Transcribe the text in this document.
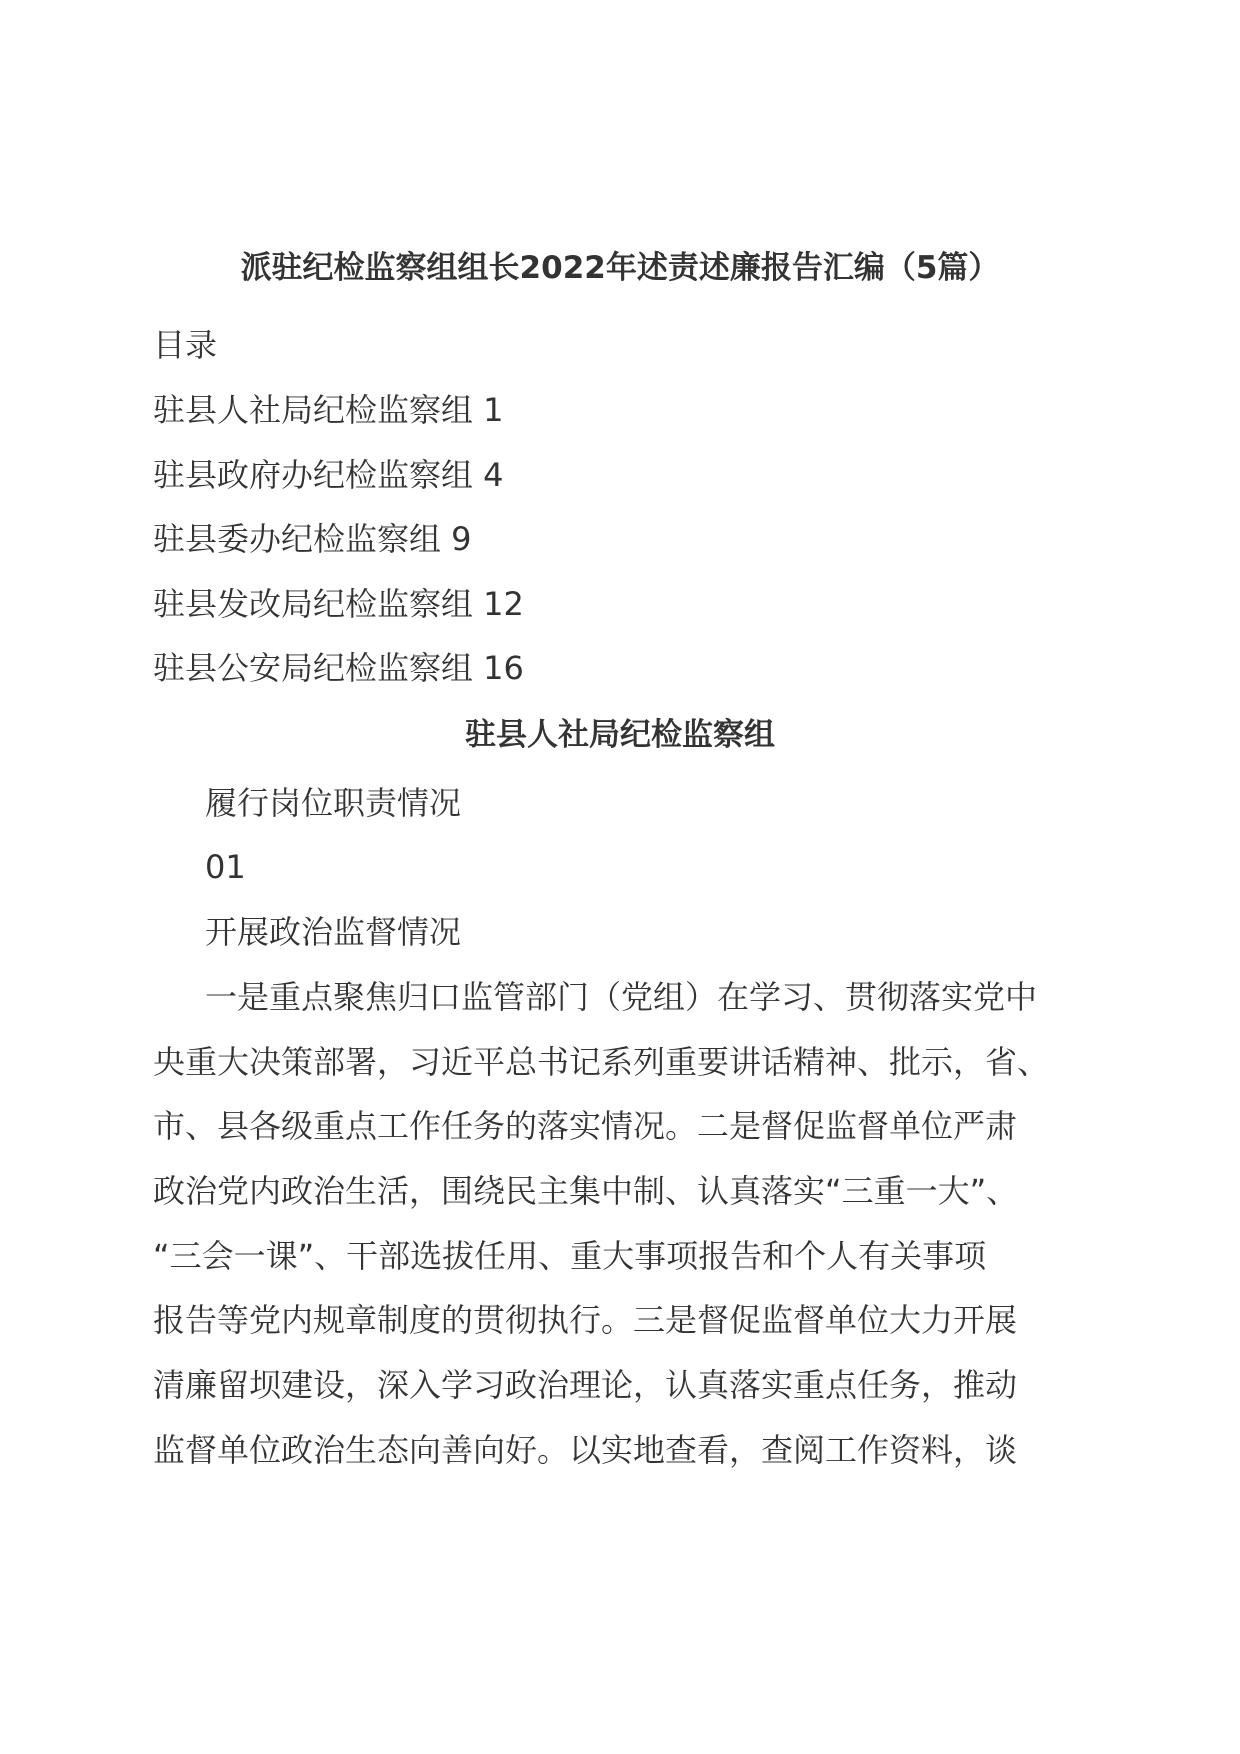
派驻纪检监察组组长2022年述责述廉报告汇编（5篇）
目录
驻县人社局纪检监察组 1
驻县政府办纪检监察组 4
驻县委办纪检监察组 9
驻县发改局纪检监察组 12
驻县公安局纪检监察组 16
驻县人社局纪检监察组
履行岗位职责情况
01
开展政治监督情况
一是重点聚焦归口监管部门（党组）在学习、贯彻落实党中
央重大决策部署，习近平总书记系列重要讲话精神、批示，省、
市、县各级重点工作任务的落实情况。二是督促监督单位严肃
政治党内政治生活，围绕民主集中制、认真落实“三重一大”、
“三会一课”、干部选拔任用、重大事项报告和个人有关事项
报告等党内规章制度的贯彻执行。三是督促监督单位大力开展
清廉留坝建设，深入学习政治理论，认真落实重点任务，推动
监督单位政治生态向善向好。以实地查看，查阅工作资料，谈
